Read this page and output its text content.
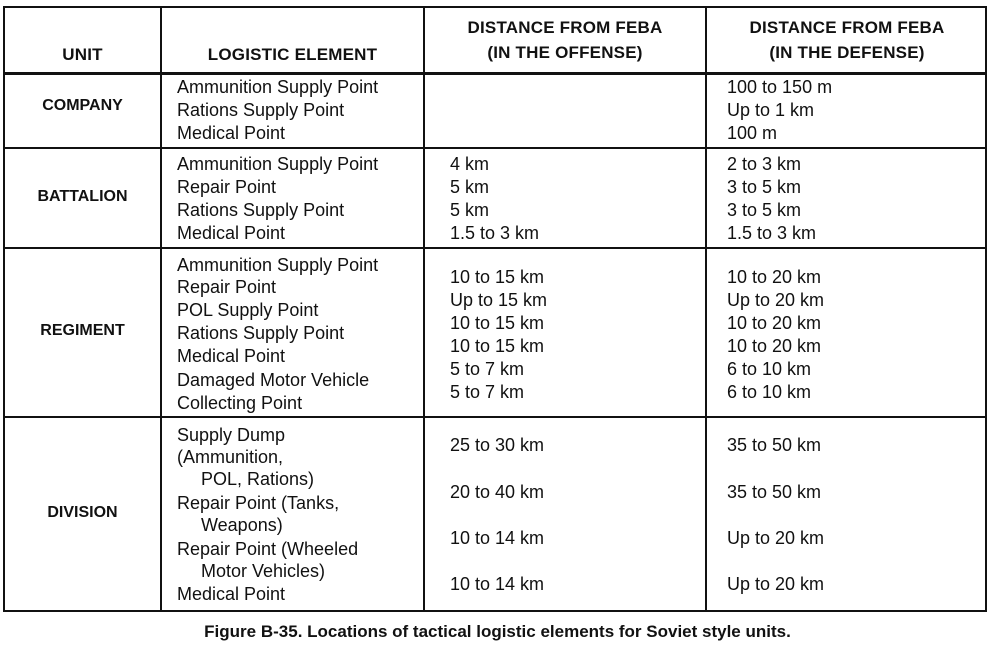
UNIT	LOGISTIC ELEMENT
DISTANCE FROM FEBA
(IN THE OFFENSE)
DISTANCE FROM FEBA
(IN THE DEFENSE)
COMPANY
Ammunition Supply Point
Rations Supply Point
Medical Point
100 to 150 m
Up to 1 km
100 m
BATTALION
Ammunition Supply Point
Repair Point
Rations Supply Point
Medical Point
4 km
5 km
5 km
1.5 to 3 km
2 to 3 km
3 to 5 km
3 to 5 km
1.5 to 3 km
REGIMENT
Ammunition Supply Point
Repair Point
POL Supply Point
Rations Supply Point
Medical Point
Damaged Motor Vehicle
Collecting Point
10 to 15 km
Up to 15 km
10 to 15 km
10 to 15 km
5 to 7 km
5 to 7 km
10 to 20 km
Up to 20 km
10 to 20 km
10 to 20 km
6 to 10 km
6 to 10 km
DIVISION
Supply Dump
(Ammunition,
POL, Rations)
Repair Point (Tanks,
Weapons)
Repair Point (Wheeled
Motor Vehicles)
Medical Point
25 to 30 km
20 to 40 km
10 to 14 km
10 to 14 km
35 to 50 km
35 to 50 km
Up to 20 km
Up to 20 km
Figure B-35. Locations of tactical logistic elements for Soviet style units.
